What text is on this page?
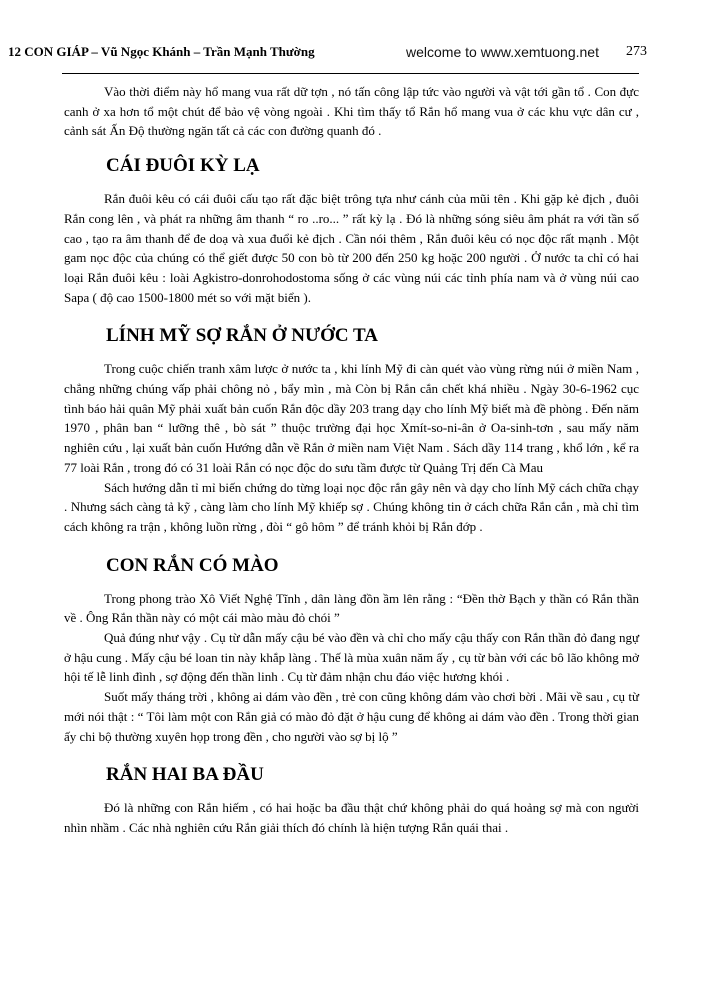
12 CON GIÁP – Vũ Ngọc Khánh – Trần Mạnh Thường	welcome to www.xemtuong.net 273

Vào thời điểm này hổ mang vua rất dữ tợn , nó tấn công lập tức vào người và vật tới gần tổ . Con đực canh ở xa hơn tổ một chút để bảo vệ vòng ngoài . Khi tìm thấy tổ Rắn hổ mang vua ở các khu vực dân cư , cảnh sát Ấn Độ thường ngăn tất cả các con đường quanh đó .

CÁI ĐUÔI KỲ LẠ

Rắn đuôi kêu có cái đuôi cấu tạo rất đặc biệt trông tựa như cánh của mũi tên . Khi gặp kẻ địch , đuôi Rắn cong lên , và phát ra những âm thanh “ ro ..ro... ” rất kỳ lạ . Đó là những sóng siêu âm phát ra với tần số cao , tạo ra âm thanh để đe doạ và xua đuổi kẻ địch . Cần nói thêm , Rắn đuôi kêu có nọc độc rất mạnh . Một gam nọc độc của chúng có thể giết được 50 con bò từ 200 đến 250 kg hoặc 200 người . Ở nước ta chỉ có hai loại Rắn đuôi kêu : loài Agkistro-donrohodostoma sống ở các vùng núi các tỉnh phía nam và ở vùng núi cao Sapa ( độ cao 1500-1800 mét so với mặt biển ).

LÍNH MỸ SỢ RẮN Ở NƯỚC TA

Trong cuộc chiến tranh xâm lược ở nước ta , khi lính Mỹ đi càn quét vào vùng rừng núi ở miền Nam , chẳng những chúng vấp phải chông nỏ , bẩy mìn , mà Còn bị Rắn cắn chết khá nhiều . Ngày 30-6-1962 cục tình báo hải quân Mỹ phải xuất bản cuốn Rắn độc dầy 203 trang dạy cho lính Mỹ biết mà đề phòng . Đến năm 1970 , phân ban “ lưỡng thê , bò sát ” thuộc trường đại học Xmít-so-ni-ân ở Oa-sinh-tơn , sau mấy năm nghiên cứu , lại xuất bản cuốn Hướng dẫn về Rắn ở miền nam Việt Nam . Sách dầy 114 trang , khổ lớn , kể ra 77 loài Rắn , trong đó có 31 loài Rắn có nọc độc do sưu tầm được từ Quảng Trị đến Cà Mau

Sách hướng dẫn tỉ mỉ biến chứng do từng loại nọc độc rắn gây nên và dạy cho lính Mỹ cách chữa chạy . Nhưng sách càng tả kỹ , càng làm cho lính Mỹ khiếp sợ . Chúng không tin ở cách chữa Rắn cắn , mà chỉ tìm cách không ra trận , không luồn rừng , đòi “ gô hôm ” để tránh khỏi bị Rắn đớp .

CON RẮN CÓ MÀO

Trong phong trào Xô Viết Nghệ Tĩnh , dân làng đồn ầm lên rằng : “Đền thờ Bạch y thần có Rắn thần về . Ông Rắn thần này có một cái mào màu đỏ chói ”

Quả đúng như vậy . Cụ từ dẫn mấy cậu bé vào đền và chỉ cho mấy cậu thấy con Rắn thần đỏ đang ngự ở hậu cung . Mấy cậu bé loan tin này khắp làng . Thế là mùa xuân năm ấy , cụ từ bàn với các bô lão không mở hội tế lễ linh đình , sợ động đến thần linh . Cụ từ đảm nhận chu đáo việc hương khói .

Suốt mấy tháng trời , không ai dám vào đền , trẻ con cũng không dám vào chơi bời . Mãi về sau , cụ từ mới nói thật : “ Tôi làm một con Rắn giả có mào đỏ đặt ở hậu cung để không ai dám vào đền . Trong thời gian ấy chi bộ thường xuyên họp trong đền , cho người vào sợ bị lộ ”

RẮN HAI BA ĐẦU

Đó là những con Rắn hiếm , có hai hoặc ba đầu thật chứ không phải do quá hoảng sợ mà con người nhìn nhầm . Các nhà nghiên cứu Rắn giải thích đó chính là hiện tượng Rắn quái thai .
